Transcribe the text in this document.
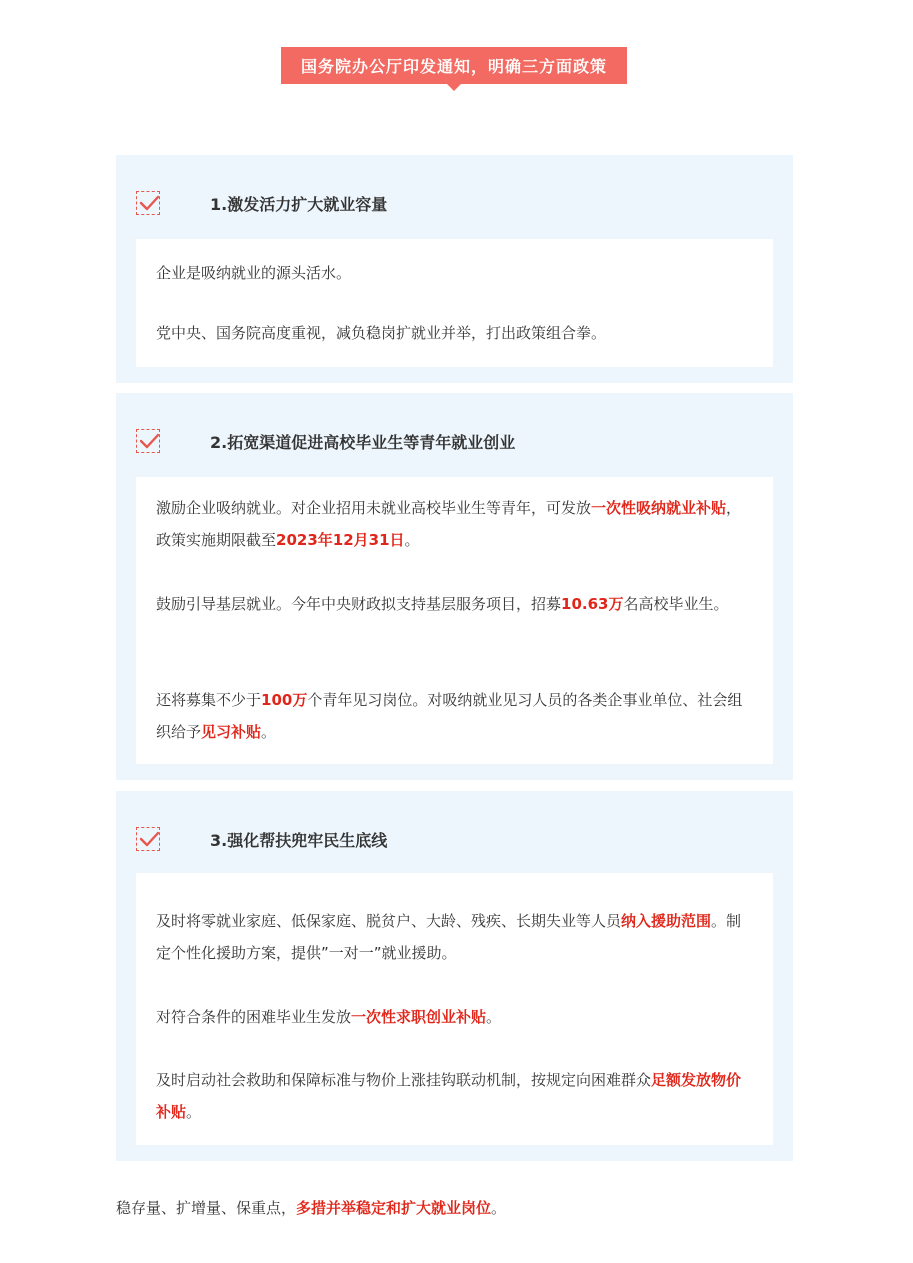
国务院办公厅印发通知，明确三方面政策
1.激发活力扩大就业容量
企业是吸纳就业的源头活水。
党中央、国务院高度重视，减负稳岗扩就业并举，打出政策组合拳。
2.拓宽渠道促进高校毕业生等青年就业创业
激励企业吸纳就业。对企业招用未就业高校毕业生等青年，可发放一次性吸纳就业补贴，政策实施期限截至2023年12月31日。
鼓励引导基层就业。今年中央财政拟支持基层服务项目，招募10.63万名高校毕业生。
还将募集不少于100万个青年见习岗位。对吸纳就业见习人员的各类企事业单位、社会组织给予见习补贴。
3.强化帮扶兜牢民生底线
及时将零就业家庭、低保家庭、脱贫户、大龄、残疾、长期失业等人员纳入援助范围。制定个性化援助方案，提供”一对一”就业援助。
对符合条件的困难毕业生发放一次性求职创业补贴。
及时启动社会救助和保障标准与物价上涨挂钩联动机制，按规定向困难群众足额发放物价补贴。
稳存量、扩增量、保重点，多措并举稳定和扩大就业岗位。
